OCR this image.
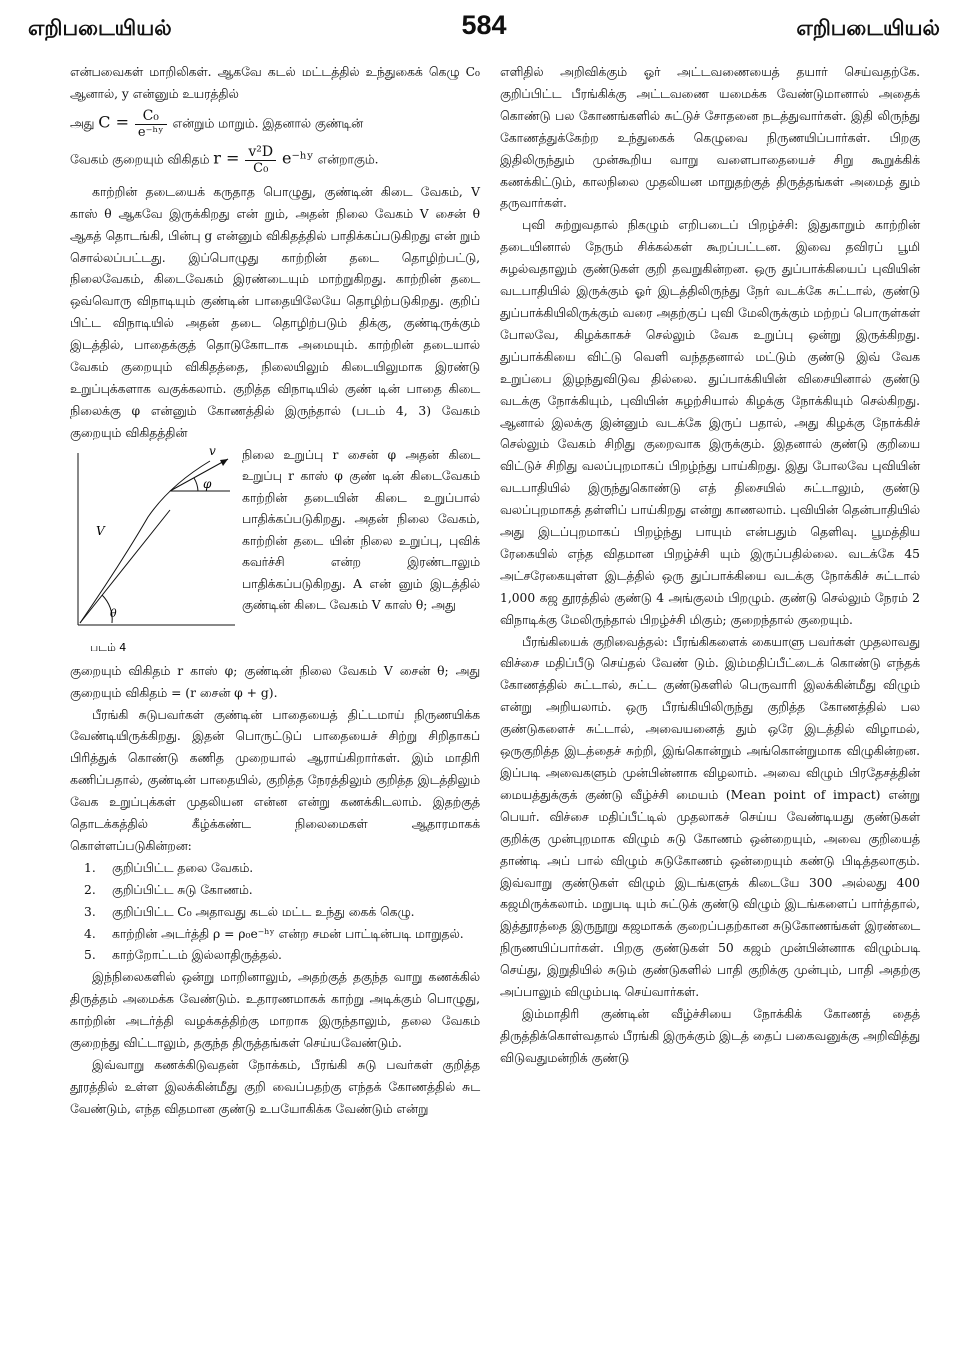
எறிபடையியல்	584	எறிபடையியல்

என்பவைகள் மாறிலிகள். ஆகவே கடல் மட்டத்தில் உந்துகைக் கெழு C₀ ஆனால், y என்னும் உயரத்தில்

அது $C = \frac{\text{C₀}}{\text{e⁻ʰʸ}}$ என்றும் மாறும். இதனால் குண்டின்
வேகம் குறையும் விகிதம் $r = \frac{\text{v²D}}{\text{C₀}}$ e⁻ʰʸ என்றாகும்.

காற்றின் தடையைக் கருதாத பொழுது, குண்டின் கிடை வேகம், V காஸ் θ ஆகவே இருக்கிறது என் றும், அதன் நிலை வேகம் V சைன் θ ஆகத் தொடங்கி, பின்பு g என்னும் விகிதத்தில் பாதிக்கப்படுகிறது என் றும் சொல்லப்பட்டது. இப்பொழுது காற்றின் தடை தொழிற்பட்டு, நிலைவேகம், கிடைவேகம் இரண்டையும் மாற்றுகிறது. காற்றின் தடை ஒவ்வொரு விநாடியும் குண்டின் பாதையிலேயே தொழிற்படுகிறது. குறிப் பிட்ட விநாடியில் அதன் தடை தொழிற்படும் திக்கு, குண்டிருக்கும் இடத்தில், பாதைக்குத் தொடுகோடாக அமையும். காற்றின் தடையால் வேகம் குறையும் விகிதத்தை, நிலையிலும் கிடையிலுமாக இரண்டு உறுப்புக்களாக வகுக்கலாம். குறித்த விநாடியில் குண் டின் பாதை கிடை நிலைக்கு φ என்னும் கோணத்தில் இருந்தால் (படம் 4, 3) வேகம் குறையும் விகிதத்தின்

v
φ
V
θ
படம் 4

நிலை உறுப்பு r சைன் φ அதன் கிடை உறுப்பு r காஸ் φ குண் டின் கிடைவேகம் காற்றின் தடையின் கிடை உறுப்பால் பாதிக்கப்படுகிறது. அதன் நிலை வேகம், காற்றின் தடை யின் நிலை உறுப்பு, புவிக் கவர்ச்சி என்ற இரண்டாலும் பாதிக்கப்படுகிறது. A என் னும் இடத்தில் குண்டின் கிடை வேகம் V காஸ் θ; அது

குறையும் விகிதம் r காஸ் φ; குண்டின் நிலை வேகம் V சைன் θ; அது குறையும் விகிதம் = (r சைன் φ + g).

பீரங்கி சுடுபவர்கள் குண்டின் பாதையைத் திட்டமாய் நிருணயிக்க வேண்டியிருக்கிறது. இதன் பொருட்டுப் பாதையைச் சிற்று சிறிதாகப் பிரித்துக் கொண்டு கணித முறையால் ஆராய்கிறார்கள். இம் மாதிரி கணிப்பதால், குண்டின் பாதையில், குறித்த நேரத்திலும் குறித்த இடத்திலும் வேக உறுப்புக்கள் முதலியன என்ன என்று கணக்கிடலாம். இதற்குத் தொடக்கத்தில் கீழ்க்கண்ட நிலைமைகள் ஆதாரமாகக் கொள்ளப்படுகின்றன:

1. குறிப்பிட்ட தலை வேகம்.
2. குறிப்பிட்ட சுடு கோணம்.
3. குறிப்பிட்ட C₀ அதாவது கடல் மட்ட உந்து கைக் கெழு.
4. காற்றின் அடர்த்தி ρ = ρ₀e⁻ʰʸ என்ற சமன் பாட்டின்படி மாறுதல்.
5. காற்றோட்டம் இல்லாதிருத்தல்.

இந்நிலைகளில் ஒன்று மாறினாலும், அதற்குத் தகுந்த வாறு கணக்கில் திருத்தம் அமைக்க வேண்டும். உதாரணமாகக் காற்று அடிக்கும் பொழுது, காற்றின் அடர்த்தி வழக்கத்திற்கு மாறாக இருந்தாலும், தலை வேகம் குறைந்து விட்டாலும், தகுந்த திருத்தங்கள் செய்யவேண்டும்.

இவ்வாறு கணக்கிடுவதன் நோக்கம், பீரங்கி சுடு பவர்கள் குறித்த தூரத்தில் உள்ள இலக்கின்மீது குறி வைப்பதற்கு எந்தக் கோணத்தில் சுட வேண்டும், எந்த விதமான குண்டு உபயோகிக்க வேண்டும் என்று

எளிதில் அறிவிக்கும் ஓர் அட்டவணையைத் தயார் செய்வதற்கே. குறிப்பிட்ட பீரங்கிக்கு அட்டவணை யமைக்க வேண்டுமானால் அதைக் கொண்டு பல கோணங்களில் சுட்டுச் சோதனை நடத்துவார்கள். இதி லிருந்து கோணத்துக்கேற்ற உந்துகைக் கெழுவை நிருணயிப்பார்கள். பிறகு இதிலிருந்தும் முன்கூறிய வாறு வளைபாதையைச் சிறு கூறுக்கிக் கணக்கிட்டும், காலநிலை முதலியன மாறுதற்குத் திருத்தங்கள் அமைத் தும் தருவார்கள்.

புவி சுற்றுவதால் நிகழும் எறிபடைப் பிறழ்ச்சி: இதுகாறும் காற்றின் தடையினால் நேரும் சிக்கல்கள் கூறப்பட்டன. இவை தவிரப் பூமி சுழல்வதாலும் குண்டுகள் குறி தவறுகின்றன. ஒரு துப்பாக்கியைப் புவியின் வடபாதியில் இருக்கும் ஓர் இடத்திலிருந்து நேர் வடக்கே சுட்டால், குண்டு துப்பாக்கியிலிருக்கும் வரை அதற்குப் புவி மேலிருக்கும் மற்றப் பொருள்கள் போலவே, கிழக்காகச் செல்லும் வேக உறுப்பு ஒன்று இருக்கிறது. துப்பாக்கியை விட்டு வெளி வந்ததனால் மட்டும் குண்டு இவ் வேக உறுப்பை இழந்துவிடுவ தில்லை. துப்பாக்கியின் விசையினால் குண்டு வடக்கு நோக்கியும், புவியின் சுழற்சியால் கிழக்கு நோக்கியும் செல்கிறது. ஆனால் இலக்கு இன்னும் வடக்கே இருப் பதால், அது கிழக்கு நோக்கிச் செல்லும் வேகம் சிறிது குறைவாக இருக்கும். இதனால் குண்டு குறியை விட்டுச் சிறிது வலப்புறமாகப் பிறழ்ந்து பாய்கிறது. இது போலவே புவியின் வடபாதியில் இருந்துகொண்டு எத் திசையில் சுட்டாலும், குண்டு வலப்புறமாகத் தள்ளிப் பாய்கிறது என்று காணலாம். புவியின் தென்பாதியில் அது இடப்புறமாகப் பிறழ்ந்து பாயும் என்பதும் தெளிவு. பூமத்திய ரேகையில் எந்த விதமான பிறழ்ச்சி யும் இருப்பதில்லை. வடக்கே 45 அட்சரேகையுள்ள இடத்தில் ஒரு துப்பாக்கியை வடக்கு நோக்கிச் சுட்டால் 1,000 கஜ தூரத்தில் குண்டு 4 அங்குலம் பிறழும். குண்டு செல்லும் நேரம் 2 விநாடிக்கு மேலிருந்தால் பிறழ்ச்சி மிகும்; குறைந்தால் குறையும்.

பீரங்கியைக் குறிவைத்தல்: பீரங்கிகளைக் கையாளு பவர்கள் முதலாவது விச்சை மதிப்பீடு செய்தல் வேண் டும். இம்மதிப்பீட்டைக் கொண்டு எந்தக் கோணத்தில் சுட்டால், சுட்ட குண்டுகளில் பெருவாரி இலக்கின்மீது விழும் என்று அறியலாம். ஒரு பீரங்கியிலிருந்து குறித்த கோணத்தில் பல குண்டுகளைச் சுட்டால், அவையனைத் தும் ஒரே இடத்தில் விழாமல், ஒருகுறித்த இடத்தைச் சுற்றி, இங்கொன்றும் அங்கொன்றுமாக விழுகின்றன. இப்படி அவைகளும் முன்பின்னாக விழலாம். அவை விழும் பிரதேசத்தின் மையத்துக்குக் குண்டு வீழ்ச்சி மையம் (Mean point of impact) என்று பெயர். விச்சை மதிப்பீட்டில் முதலாகச் செய்ய வேண்டியது குண்டுகள் குறிக்கு முன்புறமாக விழும் சுடு கோணம் ஒன்றையும், அவை குறியைத் தாண்டி அப் பால் விழும் சுடுகோணம் ஒன்றையும் கண்டு பிடித்தலாகும். இவ்வாறு குண்டுகள் விழும் இடங்களுக் கிடையே 300 அல்லது 400 கஜமிருக்கலாம். மறுபடி யும் சுட்டுக் குண்டு விழும் இடங்களைப் பார்த்தால், இத்தூரத்தை இருநூறு கஜமாகக் குறைப்பதற்கான சுடுகோணங்கள் இரண்டை நிருணயிப்பார்கள். பிறகு குண்டுகள் 50 கஜம் முன்பின்னாக விழும்படி செய்து, இறுதியில் சுடும் குண்டுகளில் பாதி குறிக்கு முன்பும், பாதி அதற்கு அப்பாலும் விழும்படி செய்வார்கள்.

இம்மாதிரி குண்டின் வீழ்ச்சியை நோக்கிக் கோணத் தைத் திருத்திக்கொள்வதால் பீரங்கி இருக்கும் இடத் தைப் பகைவனுக்கு அறிவித்து விடுவதுமன்றிக் குண்டு
